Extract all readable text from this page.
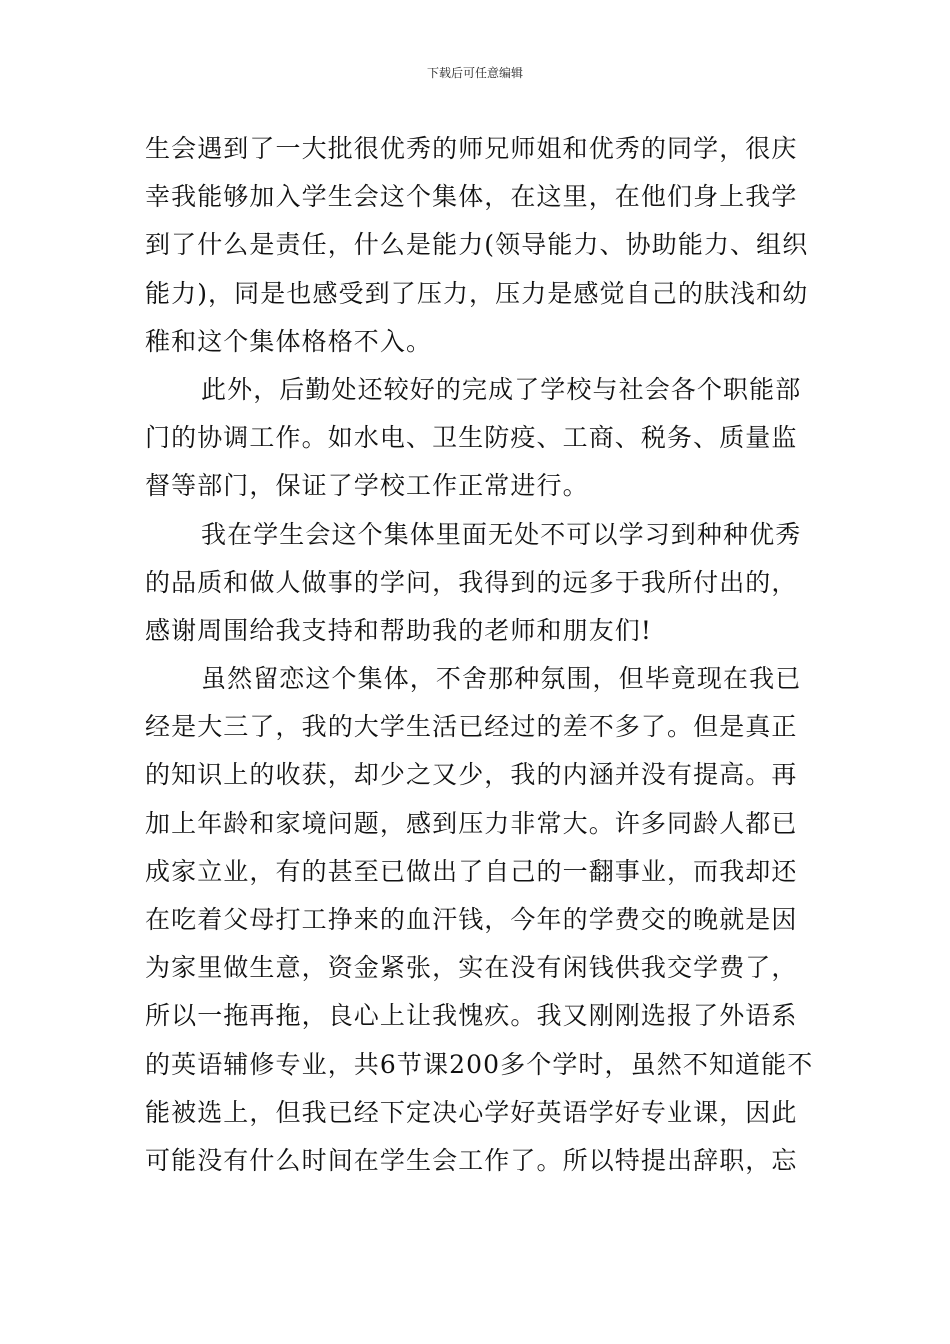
下载后可任意编辑
生会遇到了一大批很优秀的师兄师姐和优秀的同学，很庆
幸我能够加入学生会这个集体，在这里，在他们身上我学
到了什么是责任，什么是能力(领导能力、协助能力、组织
能力)，同是也感受到了压力，压力是感觉自己的肤浅和幼
稚和这个集体格格不入。
此外，后勤处还较好的完成了学校与社会各个职能部
门的协调工作。如水电、卫生防疫、工商、税务、质量监
督等部门，保证了学校工作正常进行。
我在学生会这个集体里面无处不可以学习到种种优秀
的品质和做人做事的学问，我得到的远多于我所付出的，
感谢周围给我支持和帮助我的老师和朋友们!
虽然留恋这个集体，不舍那种氛围，但毕竟现在我已
经是大三了，我的大学生活已经过的差不多了。但是真正
的知识上的收获，却少之又少，我的内涵并没有提高。再
加上年龄和家境问题，感到压力非常大。许多同龄人都已
成家立业，有的甚至已做出了自己的一翻事业，而我却还
在吃着父母打工挣来的血汗钱，今年的学费交的晚就是因
为家里做生意，资金紧张，实在没有闲钱供我交学费了，
所以一拖再拖，良心上让我愧疚。我又刚刚选报了外语系
的英语辅修专业，共6节课200多个学时，虽然不知道能不
能被选上，但我已经下定决心学好英语学好专业课，因此
可能没有什么时间在学生会工作了。所以特提出辞职，忘
